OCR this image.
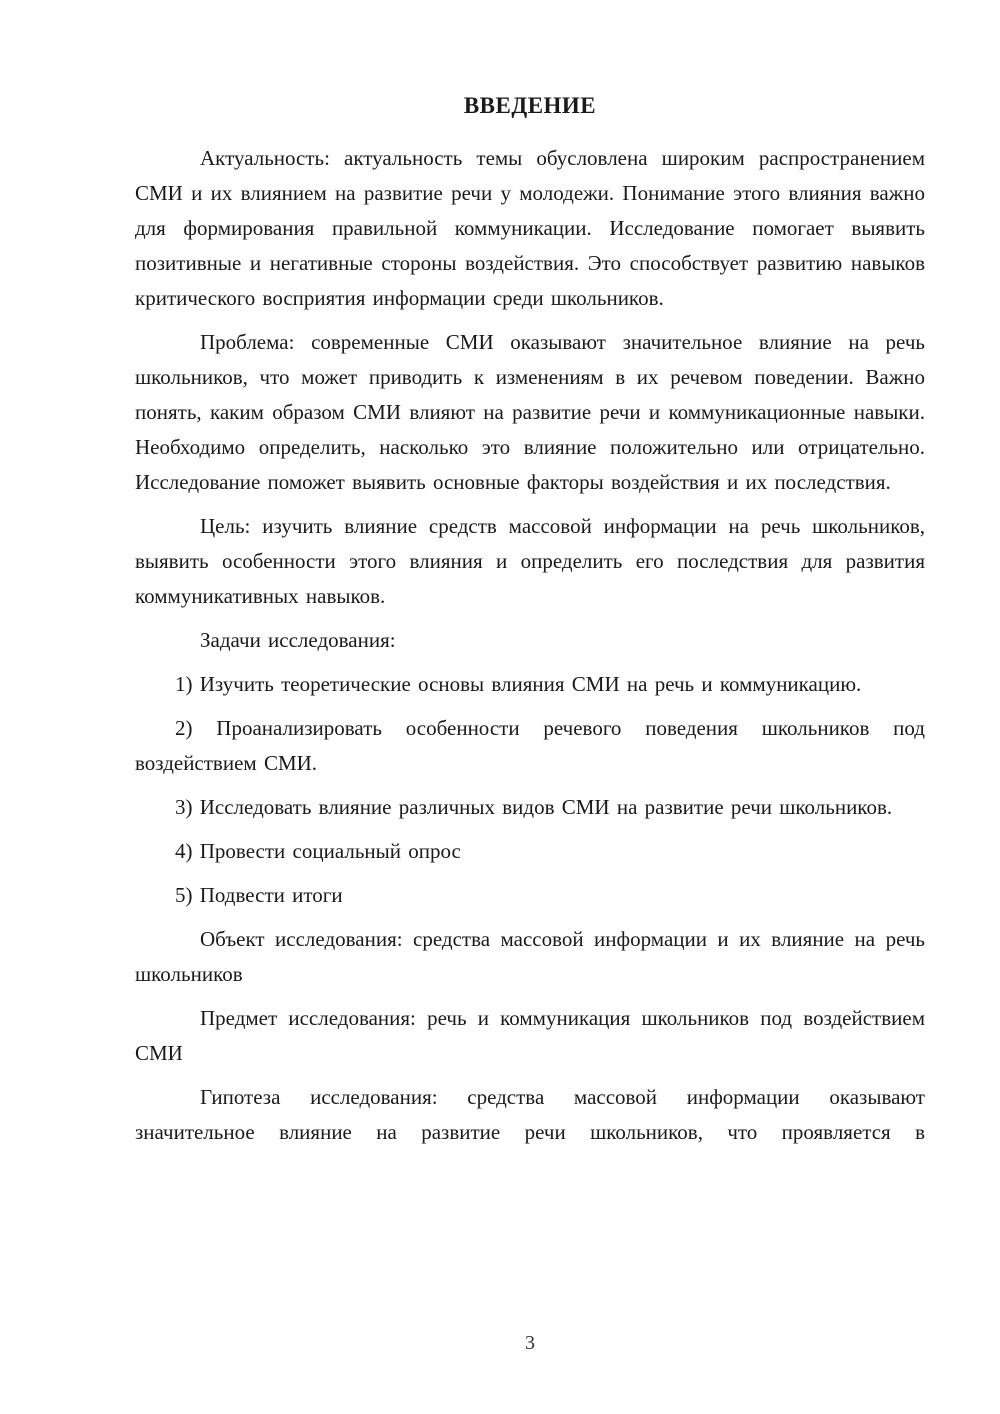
ВВЕДЕНИЕ

Актуальность: актуальность темы обусловлена широким распространением СМИ и их влиянием на развитие речи у молодежи. Понимание этого влияния важно для формирования правильной коммуникации. Исследование помогает выявить позитивные и негативные стороны воздействия. Это способствует развитию навыков критического восприятия информации среди школьников.

Проблема: современные СМИ оказывают значительное влияние на речь школьников, что может приводить к изменениям в их речевом поведении. Важно понять, каким образом СМИ влияют на развитие речи и коммуникационные навыки. Необходимо определить, насколько это влияние положительно или отрицательно. Исследование поможет выявить основные факторы воздействия и их последствия.

Цель: изучить влияние средств массовой информации на речь школьников, выявить особенности этого влияния и определить его последствия для развития коммуникативных навыков.

Задачи исследования:

1) Изучить теоретические основы влияния СМИ на речь и коммуникацию.

2) Проанализировать особенности речевого поведения школьников под воздействием СМИ.

3) Исследовать влияние различных видов СМИ на развитие речи школьников.

4) Провести социальный опрос

5) Подвести итоги

Объект исследования: средства массовой информации и их влияние на речь школьников

Предмет исследования: речь и коммуникация школьников под воздействием СМИ

Гипотеза исследования: средства массовой информации оказывают значительное влияние на развитие речи школьников, что проявляется в

3
